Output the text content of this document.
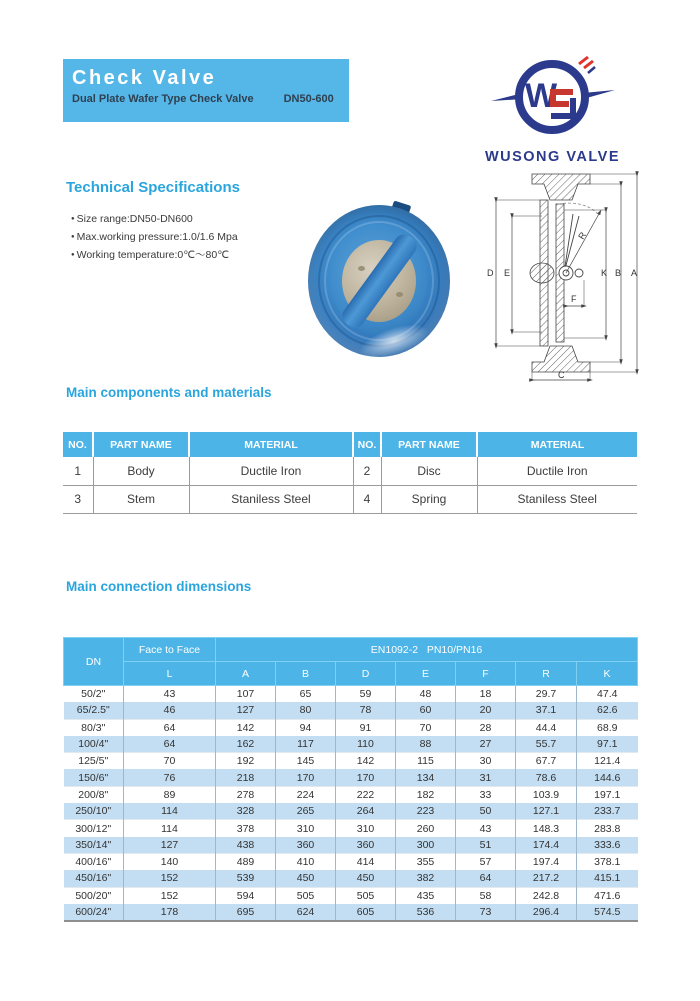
Check Valve
Dual Plate Wafer Type Check Valve	DN50-600	W
WUSONG VALVE
Technical Specifications
● Size range:DN50-DN600
● Max.working pressure:1.0/1.6 Mpa
● Working temperature:0℃～80℃
D E
R
F
K B A
C
Main components and materials
NO.	PART NAME	MATERIAL	NO.	PART NAME	MATERIAL
1	Body	Ductile Iron	2	Disc	Ductile Iron
3	Stem	Staniless Steel	4	Spring	Staniless Steel
Main connection dimensions
DN	Face to Face	EN1092-2   PN10/PN16						
	L	A	B	D	E	F	R	K
50/2"	43	107	65	59	48	18	29.7	47.4
65/2.5"	46	127	80	78	60	20	37.1	62.6
80/3"	64	142	94	91	70	28	44.4	68.9
100/4"	64	162	117	110	88	27	55.7	97.1
125/5"	70	192	145	142	115	30	67.7	121.4
150/6"	76	218	170	170	134	31	78.6	144.6
200/8"	89	278	224	222	182	33	103.9	197.1
250/10"	114	328	265	264	223	50	127.1	233.7
300/12"	114	378	310	310	260	43	148.3	283.8
350/14"	127	438	360	360	300	51	174.4	333.6
400/16"	140	489	410	414	355	57	197.4	378.1
450/16"	152	539	450	450	382	64	217.2	415.1
500/20"	152	594	505	505	435	58	242.8	471.6
600/24"	178	695	624	605	536	73	296.4	574.5
